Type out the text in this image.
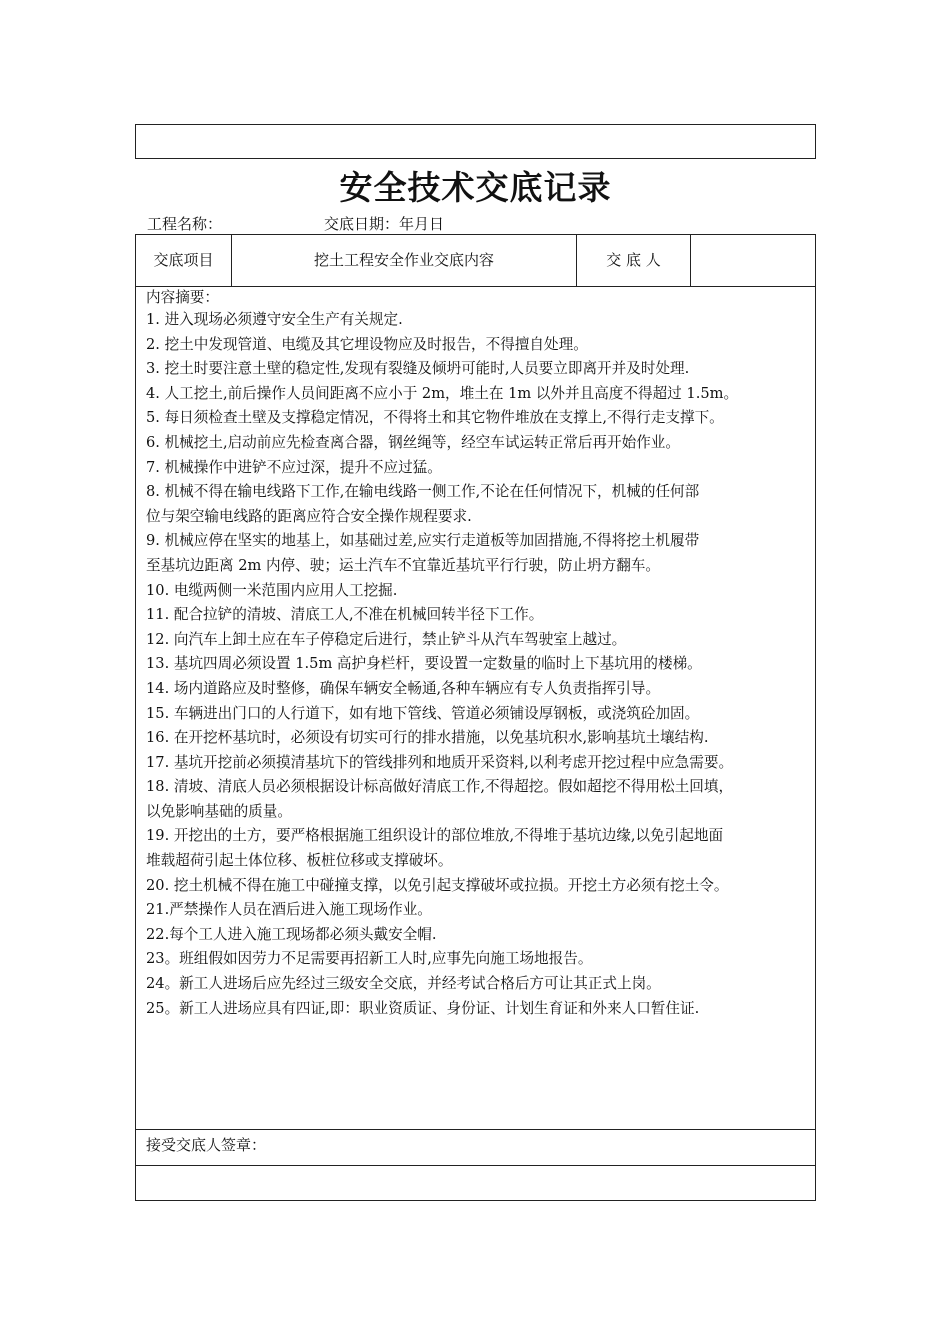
安全技术交底记录
工程名称：	交底日期：年月日
交底项目	挖土工程安全作业交底内容	交 底 人
内容摘要：
1. 进入现场必须遵守安全生产有关规定.
2. 挖土中发现管道、电缆及其它埋设物应及时报告，不得擅自处理。
3. 挖土时要注意土壁的稳定性,发现有裂缝及倾坍可能时,人员要立即离开并及时处理.
4. 人工挖土,前后操作人员间距离不应小于 2m，堆土在 1m 以外并且高度不得超过 1.5m。
5. 每日须检查土壁及支撑稳定情况，不得将土和其它物件堆放在支撑上,不得行走支撑下。
6. 机械挖土,启动前应先检查离合器，钢丝绳等，经空车试运转正常后再开始作业。
7. 机械操作中进铲不应过深，提升不应过猛。
8. 机械不得在输电线路下工作,在输电线路一侧工作,不论在任何情况下，机械的任何部
位与架空输电线路的距离应符合安全操作规程要求.
9. 机械应停在坚实的地基上，如基础过差,应实行走道板等加固措施,不得将挖土机履带
至基坑边距离 2m 内停、驶；运土汽车不宜靠近基坑平行行驶，防止坍方翻车。
10. 电缆两侧一米范围内应用人工挖掘.
11. 配合拉铲的清坡、清底工人,不准在机械回转半径下工作。
12. 向汽车上卸土应在车子停稳定后进行，禁止铲斗从汽车驾驶室上越过。
13. 基坑四周必须设置 1.5m 高护身栏杆，要设置一定数量的临时上下基坑用的楼梯。
14. 场内道路应及时整修，确保车辆安全畅通,各种车辆应有专人负责指挥引导。
15. 车辆进出门口的人行道下，如有地下管线、管道必须铺设厚钢板，或浇筑砼加固。
16. 在开挖杯基坑时，必须设有切实可行的排水措施，以免基坑积水,影响基坑土壤结构.
17. 基坑开挖前必须摸清基坑下的管线排列和地质开采资料,以利考虑开挖过程中应急需要。
18. 清坡、清底人员必须根据设计标高做好清底工作,不得超挖。假如超挖不得用松土回填，
以免影响基础的质量。
19. 开挖出的土方，要严格根据施工组织设计的部位堆放,不得堆于基坑边缘,以免引起地面
堆载超荷引起土体位移、板桩位移或支撑破坏。
20. 挖土机械不得在施工中碰撞支撑，以免引起支撑破坏或拉损。开挖土方必须有挖土令。
21.严禁操作人员在酒后进入施工现场作业。
22.每个工人进入施工现场都必须头戴安全帽.
23。班组假如因劳力不足需要再招新工人时,应事先向施工场地报告。
24。新工人进场后应先经过三级安全交底，并经考试合格后方可让其正式上岗。
25。新工人进场应具有四证,即：职业资质证、身份证、计划生育证和外来人口暂住证.
接受交底人签章：
